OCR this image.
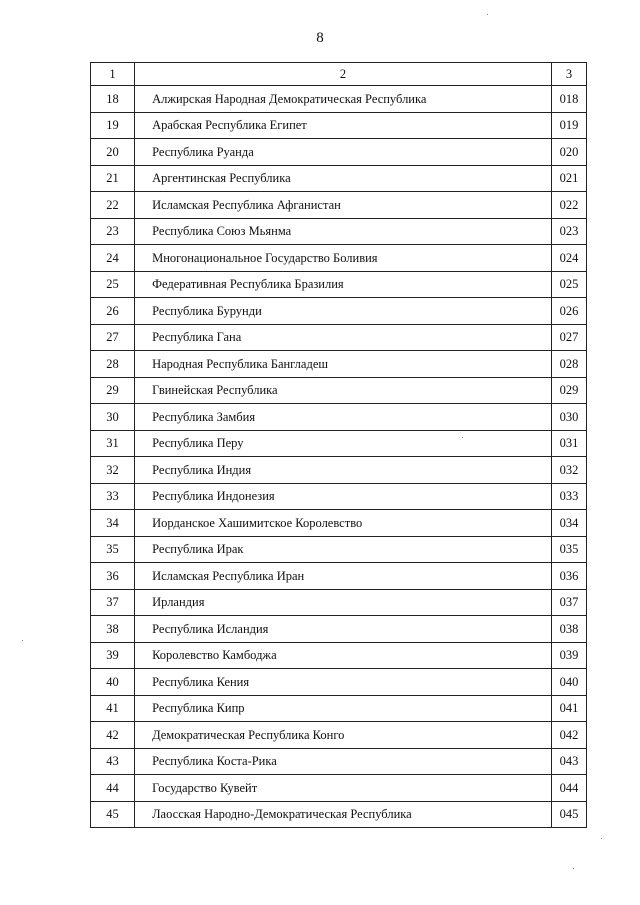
8
1	2	3
18	Алжирская Народная Демократическая Республика	018
19	Арабская Республика Египет	019
20	Республика Руанда	020
21	Аргентинская Республика	021
22	Исламская Республика Афганистан	022
23	Республика Союз Мьянма	023
24	Многонациональное Государство Боливия	024
25	Федеративная Республика Бразилия	025
26	Республика Бурунди	026
27	Республика Гана	027
28	Народная Республика Бангладеш	028
29	Гвинейская Республика	029
30	Республика Замбия	030
31	Республика Перу	031
32	Республика Индия	032
33	Республика Индонезия	033
34	Иорданское Хашимитское Королевство	034
35	Республика Ирак	035
36	Исламская Республика Иран	036
37	Ирландия	037
38	Республика Исландия	038
39	Королевство Камбоджа	039
40	Республика Кения	040
41	Республика Кипр	041
42	Демократическая Республика Конго	042
43	Республика Коста-Рика	043
44	Государство Кувейт	044
45	Лаосская Народно-Демократическая Республика	045
